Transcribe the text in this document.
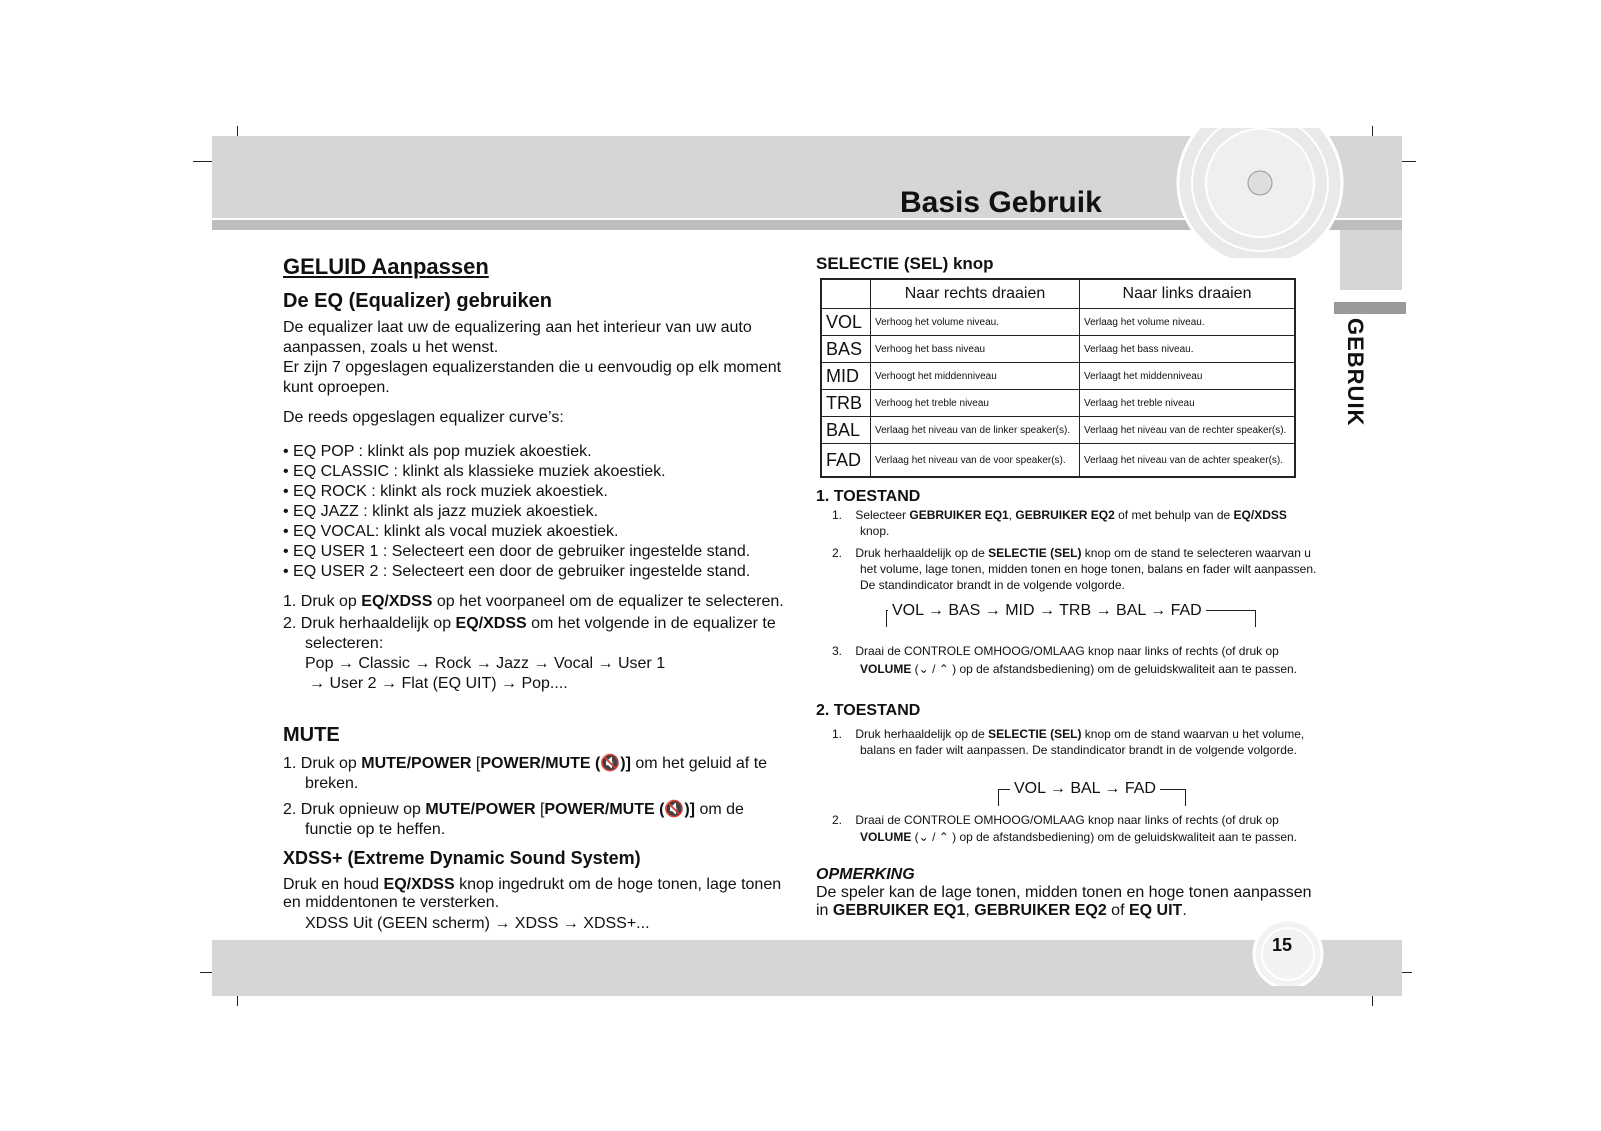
Basis Gebruik
GEBRUIK
GELUID Aanpassen
De EQ (Equalizer) gebruiken
De equalizer laat uw de equalizering aan het interieur van uw auto aanpassen, zoals u het wenst.
Er zijn 7 opgeslagen equalizerstanden die u eenvoudig op elk moment kunt oproepen.
De reeds opgeslagen equalizer curve’s:
• EQ POP : klinkt als pop muziek akoestiek.
• EQ CLASSIC : klinkt als klassieke muziek akoestiek.
• EQ ROCK : klinkt als rock muziek akoestiek.
• EQ JAZZ : klinkt als jazz muziek akoestiek.
• EQ VOCAL: klinkt als vocal muziek akoestiek.
• EQ USER 1 : Selecteert een door de gebruiker ingestelde stand.
• EQ USER 2 : Selecteert een door de gebruiker ingestelde stand.
1. Druk op EQ/XDSS op het voorpaneel om de equalizer te selecteren.
2. Druk herhaaldelijk op EQ/XDSS om het volgende in de equalizer te selecteren:
Pop → Classic → Rock → Jazz → Vocal → User 1
→ User 2 → Flat (EQ UIT) → Pop....
MUTE
1. Druk op MUTE/POWER [POWER/MUTE (🔇)] om het geluid af te breken.
2. Druk opnieuw op MUTE/POWER [POWER/MUTE (🔇)] om de functie op te heffen.
XDSS+ (Extreme Dynamic Sound System)
Druk en houd EQ/XDSS knop ingedrukt om de hoge tonen, lage tonen en middentonen te versterken.
XDSS Uit (GEEN scherm) → XDSS → XDSS+...
SELECTIE (SEL) knop
	Naar rechts draaien	Naar links draaien
VOL	Verhoog het volume niveau.	Verlaag het volume niveau.
BAS	Verhoog het bass niveau	Verlaag het bass niveau.
MID	Verhoogt het middenniveau	Verlaagt het middenniveau
TRB	Verhoog het treble niveau	Verlaag het treble niveau
BAL	Verlaag het niveau van de linker speaker(s).	Verlaag het niveau van de rechter speaker(s).
FAD	Verlaag het niveau van de voor speaker(s).	Verlaag het niveau van de achter speaker(s).
1. TOESTAND
1.    Selecteer GEBRUIKER EQ1, GEBRUIKER EQ2 of met behulp van de EQ/XDSS knop.
2.    Druk herhaaldelijk op de SELECTIE (SEL) knop om de stand te selecteren waarvan u het volume, lage tonen, midden tonen en hoge tonen, balans en fader wilt aanpassen. De standindicator brandt in de volgende volgorde.
VOL → BAS → MID → TRB → BAL → FAD
3.    Draai de CONTROLE OMHOOG/OMLAAG knop naar links of rechts (of druk op VOLUME (⌄ / ⌃ ) op de afstandsbediening) om de geluidskwaliteit aan te passen.
2. TOESTAND
1.    Druk herhaaldelijk op de SELECTIE (SEL) knop om de stand waarvan u het volume, balans en fader wilt aanpassen. De standindicator brandt in de volgende volgorde.
VOL → BAL → FAD
2.    Draai de CONTROLE OMHOOG/OMLAAG knop naar links of rechts (of druk op VOLUME (⌄ / ⌃ ) op de afstandsbediening) om de geluidskwaliteit aan te passen.
OPMERKING
De speler kan de lage tonen, midden tonen en hoge tonen aanpassen in GEBRUIKER EQ1, GEBRUIKER EQ2 of EQ UIT.
15
